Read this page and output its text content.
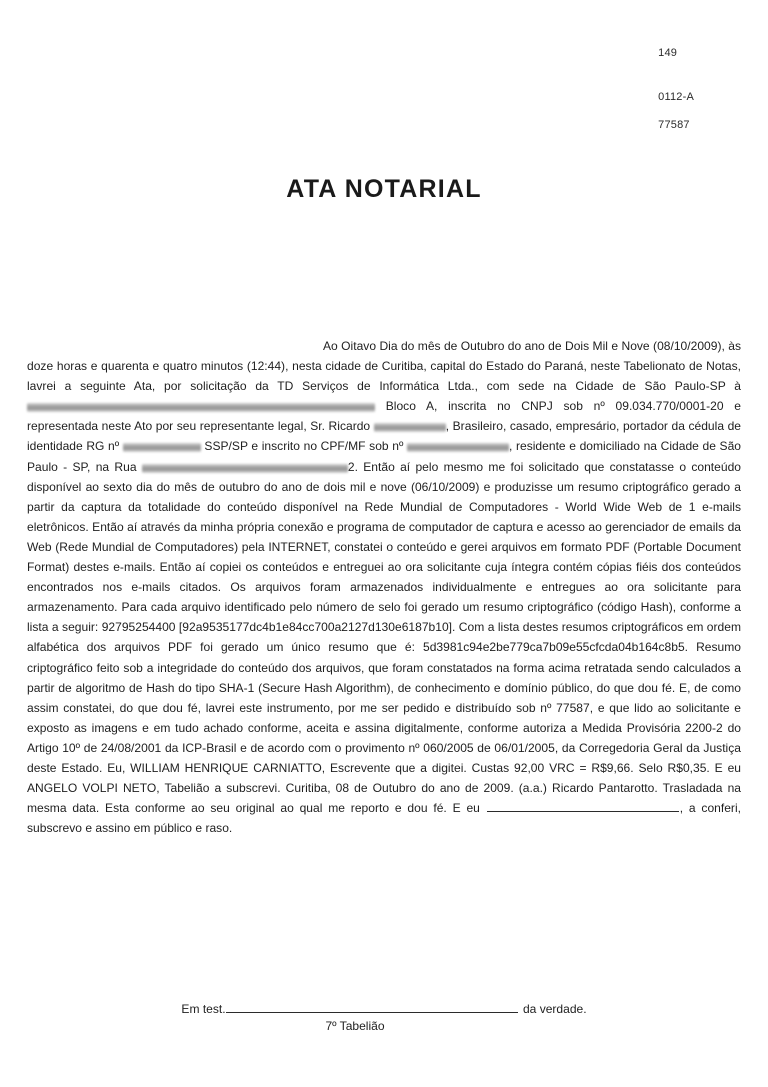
149
0112-A
77587
ATA NOTARIAL

Ao Oitavo Dia do mês de Outubro do ano de Dois Mil e Nove (08/10/2009), às doze horas e quarenta e quatro minutos (12:44), nesta cidade de Curitiba, capital do Estado do Paraná, neste Tabelionato de Notas, lavrei a seguinte Ata, por solicitação da TD Serviços de Informática Ltda., com sede na Cidade de São Paulo-SP à  Bloco A, inscrita no CNPJ sob nº 09.034.770/0001-20 e representada neste Ato por seu representante legal, Sr. Ricardo	, Brasileiro, casado, empresário, portador da cédula de identidade RG nº	SSP/SP e inscrito no CPF/MF sob nº	, residente e domiciliado na Cidade de São Paulo - SP, na Rua	2. Então aí pelo mesmo me foi solicitado que constatasse o conteúdo disponível ao sexto dia do mês de outubro do ano de dois mil e nove (06/10/2009) e produzisse um resumo criptográfico gerado a partir da captura da totalidade do conteúdo disponível na Rede Mundial de Computadores - World Wide Web de 1 e-mails eletrônicos. Então aí através da minha própria conexão e programa de computador de captura e acesso ao gerenciador de emails da Web (Rede Mundial de Computadores) pela INTERNET, constatei o conteúdo e gerei arquivos em formato PDF (Portable Document Format) destes e-mails. Então aí copiei os conteúdos e entreguei ao ora solicitante cuja íntegra contém cópias fiéis dos conteúdos encontrados nos e-mails citados. Os arquivos foram armazenados individualmente e entregues ao ora solicitante para armazenamento. Para cada arquivo identificado pelo número de selo foi gerado um resumo criptográfico (código Hash), conforme a lista a seguir: 92795254400 [92a9535177dc4b1e84cc700a2127d130e6187b10]. Com a lista destes resumos criptográficos em ordem alfabética dos arquivos PDF foi gerado um único resumo que é: 5d3981c94e2be779ca7b09e55cfcda04b164c8b5. Resumo criptográfico feito sob a integridade do conteúdo dos arquivos, que foram constatados na forma acima retratada sendo calculados a partir de algoritmo de Hash do tipo SHA-1 (Secure Hash Algorithm), de conhecimento e domínio público, do que dou fé. E, de como assim constatei, do que dou fé, lavrei este instrumento, por me ser pedido e distribuído sob nº 77587, e que lido ao solicitante e exposto as imagens e em tudo achado conforme, aceita e assina digitalmente, conforme autoriza a Medida Provisória 2200-2 do Artigo 10º de 24/08/2001 da ICP-Brasil e de acordo com o provimento nº 060/2005 de 06/01/2005, da Corregedoria Geral da Justiça deste Estado. Eu, WILLIAM HENRIQUE CARNIATTO, Escrevente que a digitei. Custas 92,00 VRC = R$9,66. Selo R$0,35. E eu ANGELO VOLPI NETO, Tabelião a subscrevi. Curitiba, 08 de Outubro do ano de 2009. (a.a.) Ricardo Pantarotto. Trasladada na mesma data. Esta conforme ao seu original ao qual me reporto e dou fé. E eu	, a conferi, subscrevo e assino em público e raso.

Em test.	da verdade.
7º Tabelião
